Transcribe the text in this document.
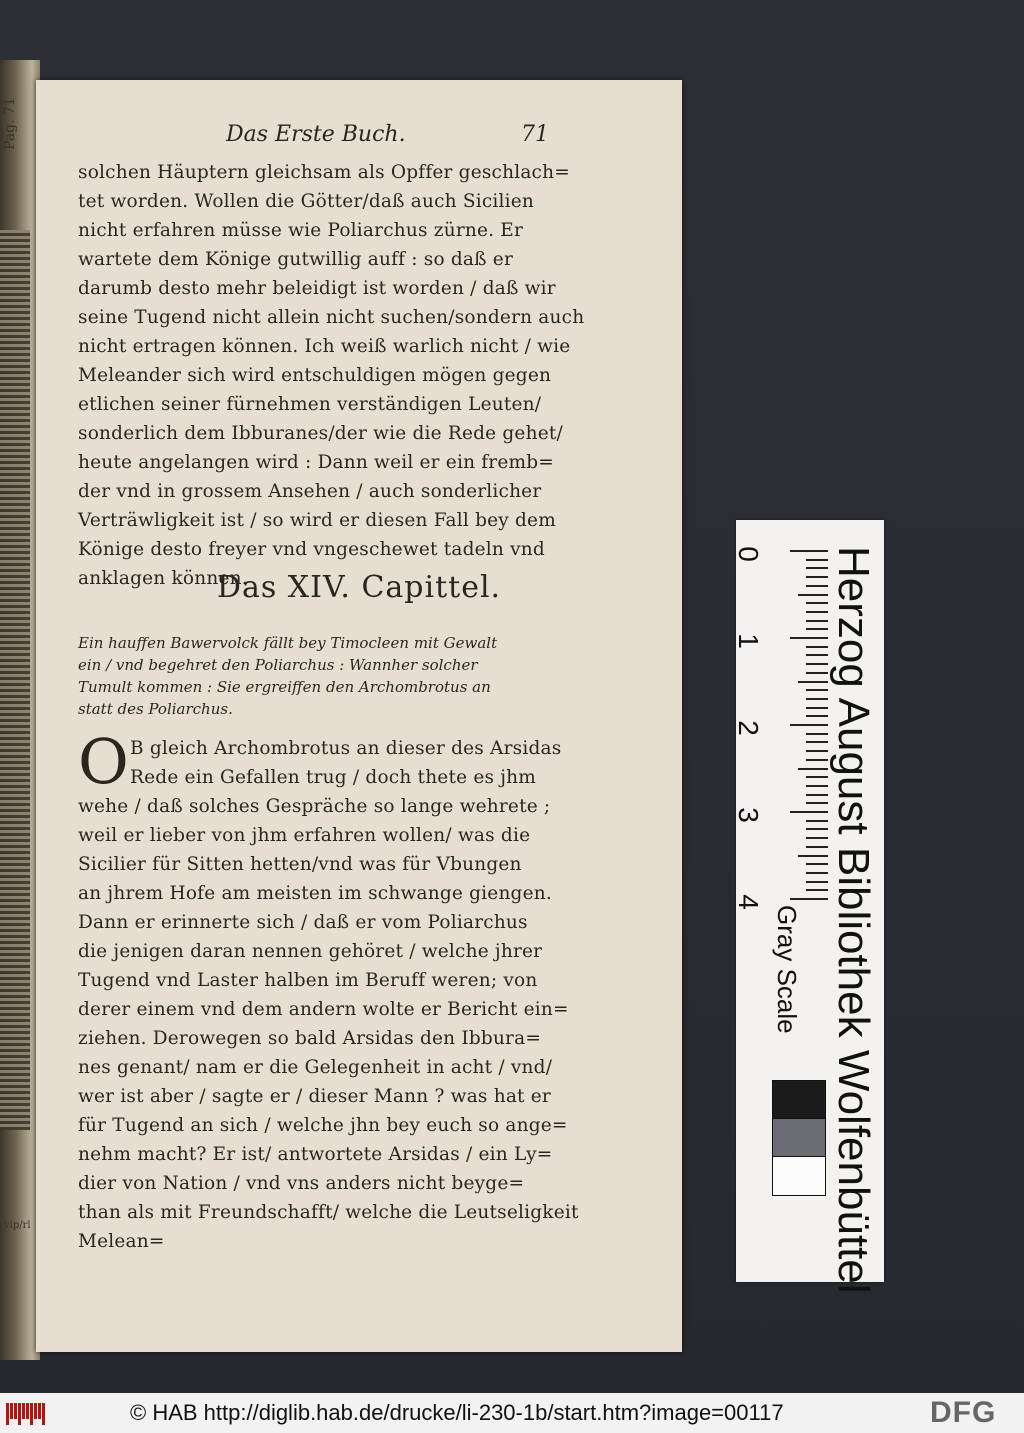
Pag. 71
vip/rl
Das Erste Buch.	71
solchen Häuptern gleichsam als Opffer geschlach=
tet worden. Wollen die Götter/daß auch Sicilien
nicht erfahren müsse wie Poliarchus zürne. Er
wartete dem Könige gutwillig auff : so daß er
darumb desto mehr beleidigt ist worden / daß wir
seine Tugend nicht allein nicht suchen/sondern auch
nicht ertragen können. Ich weiß warlich nicht / wie
Meleander sich wird entschuldigen mögen gegen
etlichen seiner fürnehmen verständigen Leuten/
sonderlich dem Ibburanes/der wie die Rede gehet/
heute angelangen wird : Dann weil er ein fremb=
der vnd in grossem Ansehen / auch sonderlicher
Verträwligkeit ist / so wird er diesen Fall bey dem
Könige desto freyer vnd vngeschewet tadeln vnd
anklagen können.
Das XIV. Capittel.
Ein hauffen Bawervolck fällt bey Timocleen mit Gewalt
ein / vnd begehret den Poliarchus : Wannher solcher
Tumult kommen : Sie ergreiffen den Archombrotus an
statt des Poliarchus.
O B gleich Archombrotus an dieser des Arsidas
Rede ein Gefallen trug / doch thete es jhm
wehe / daß solches Gespräche so lange wehrete ;
weil er lieber von jhm erfahren wollen/ was die
Sicilier für Sitten hetten/vnd was für Vbungen
an jhrem Hofe am meisten im schwange giengen.
Dann er erinnerte sich / daß er vom Poliarchus
die jenigen daran nennen gehöret / welche jhrer
Tugend vnd Laster halben im Beruff weren; von
derer einem vnd dem andern wolte er Bericht ein=
ziehen. Derowegen so bald Arsidas den Ibbura=
nes genant/ nam er die Gelegenheit in acht / vnd/
wer ist aber / sagte er / dieser Mann ? was hat er
für Tugend an sich / welche jhn bey euch so ange=
nehm macht? Er ist/ antwortete Arsidas / ein Ly=
dier von Nation / vnd vns anders nicht beyge=
than als mit Freundschafft/ welche die Leutseligkeit
Melean=
0
1
2
3
4 Herzog August Bibliothek Wolfenbüttel
Gray Scale
© HAB http://diglib.hab.de/drucke/li-230-1b/start.htm?image=00117	DFG
